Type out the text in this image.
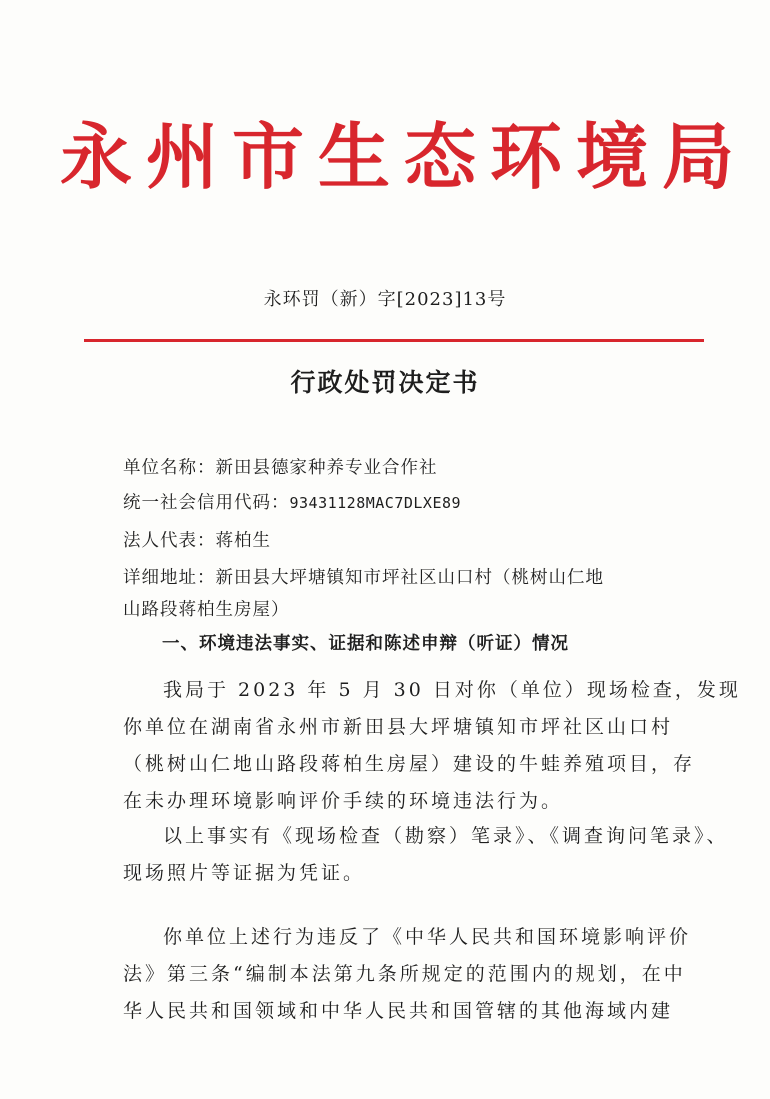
永州市生态环境局
永环罚（新）字[2023]13号
行政处罚决定书
单位名称：新田县德家种养专业合作社
统一社会信用代码：93431128MAC7DLXE89
法人代表：蒋柏生
详细地址：新田县大坪塘镇知市坪社区山口村（桃树山仁地
山路段蒋柏生房屋）
一、环境违法事实、证据和陈述申辩（听证）情况
我局于 2023 年 5 月 30 日对你（单位）现场检查，发现
你单位在湖南省永州市新田县大坪塘镇知市坪社区山口村
（桃树山仁地山路段蒋柏生房屋）建设的牛蛙养殖项目，存
在未办理环境影响评价手续的环境违法行为。
以上事实有《现场检查（勘察）笔录》、《调查询问笔录》、
现场照片等证据为凭证。
你单位上述行为违反了《中华人民共和国环境影响评价
法》第三条“编制本法第九条所规定的范围内的规划，在中
华人民共和国领域和中华人民共和国管辖的其他海域内建
